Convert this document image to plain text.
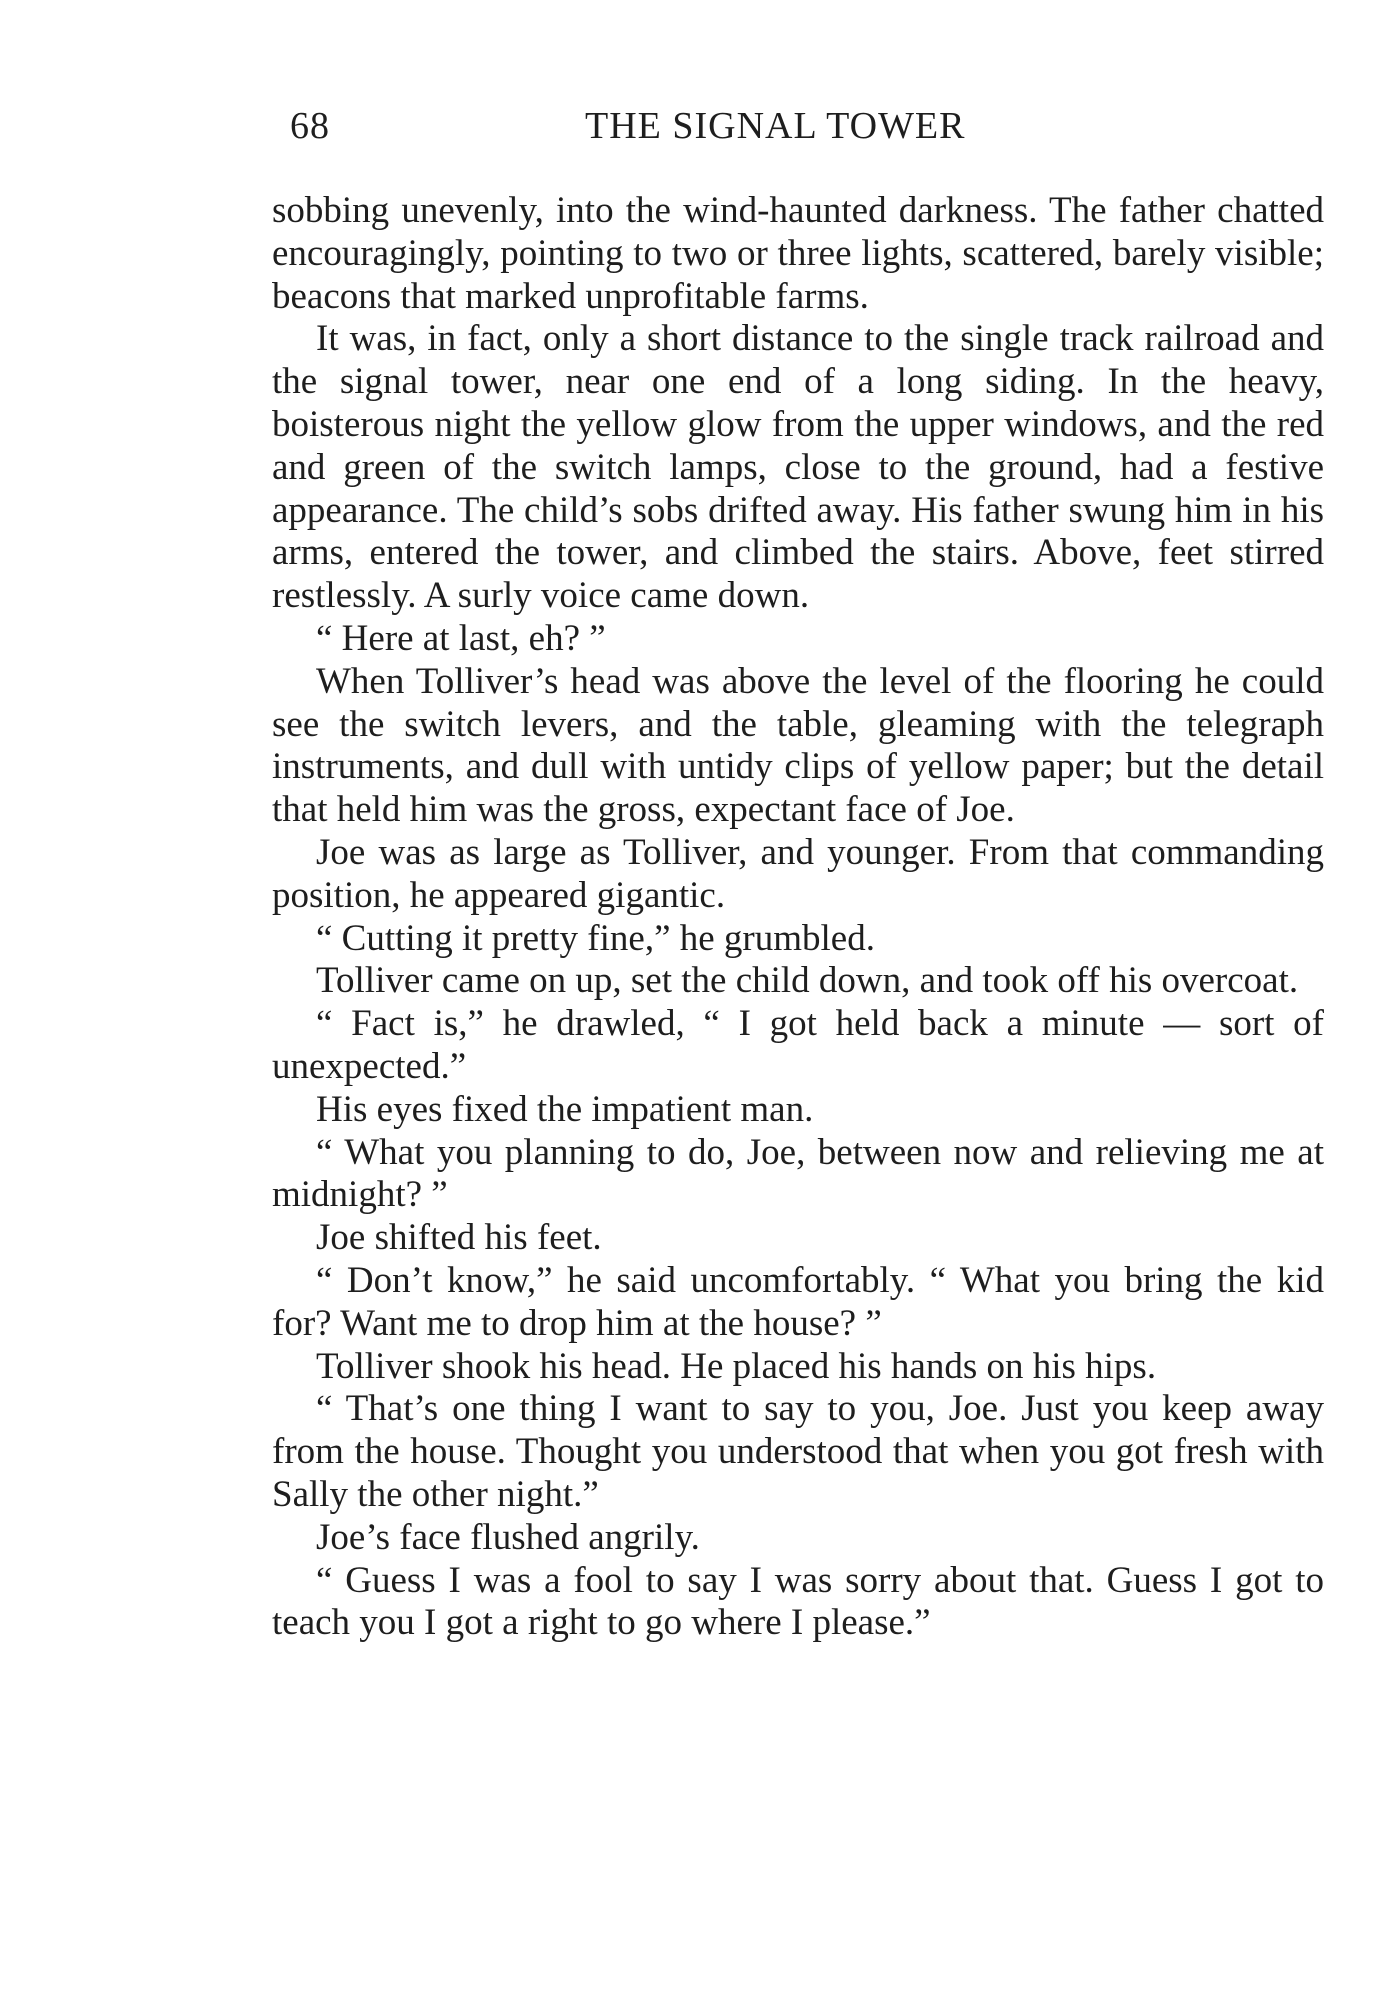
68	THE SIGNAL TOWER

sobbing unevenly, into the wind-haunted darkness. The father chatted encouragingly, pointing to two or three lights, scattered, barely visible; beacons that marked unprofitable farms.

It was, in fact, only a short distance to the single track railroad and the signal tower, near one end of a long siding. In the heavy, boisterous night the yellow glow from the upper windows, and the red and green of the switch lamps, close to the ground, had a festive appearance. The child’s sobs drifted away. His father swung him in his arms, entered the tower, and climbed the stairs. Above, feet stirred restlessly. A surly voice came down.

“ Here at last, eh? ”

When Tolliver’s head was above the level of the flooring he could see the switch levers, and the table, gleaming with the telegraph instruments, and dull with untidy clips of yellow paper; but the detail that held him was the gross, expectant face of Joe.

Joe was as large as Tolliver, and younger. From that commanding position, he appeared gigantic.

“ Cutting it pretty fine,” he grumbled.

Tolliver came on up, set the child down, and took off his overcoat.

“ Fact is,” he drawled, “ I got held back a minute — sort of unexpected.”

His eyes fixed the impatient man.

“ What you planning to do, Joe, between now and relieving me at midnight? ”

Joe shifted his feet.

“ Don’t know,” he said uncomfortably. “ What you bring the kid for? Want me to drop him at the house? ”

Tolliver shook his head. He placed his hands on his hips.

“ That’s one thing I want to say to you, Joe. Just you keep away from the house. Thought you understood that when you got fresh with Sally the other night.”

Joe’s face flushed angrily.

“ Guess I was a fool to say I was sorry about that. Guess I got to teach you I got a right to go where I please.”
